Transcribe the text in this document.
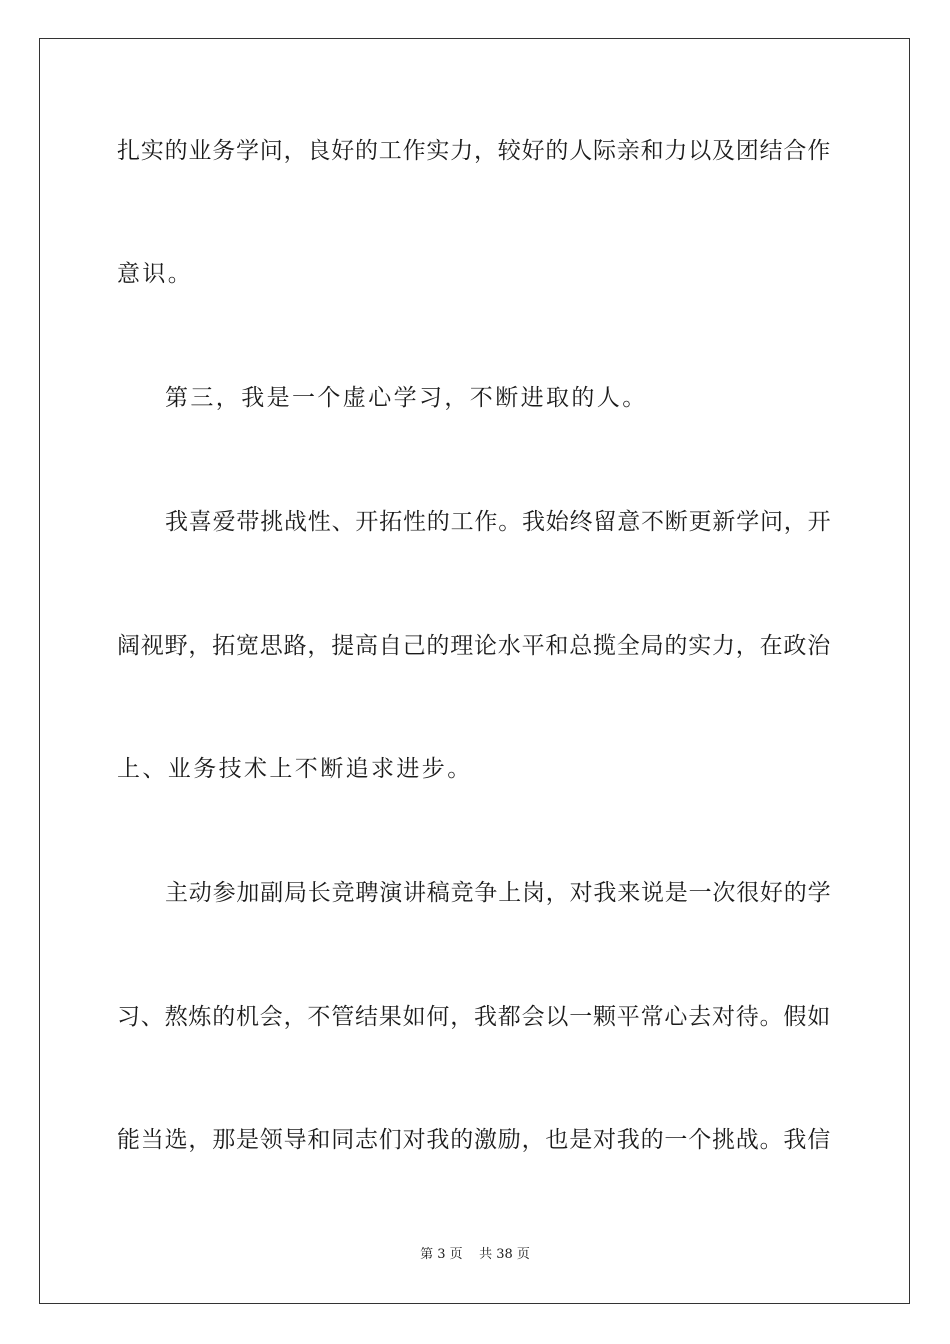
扎实的业务学问，良好的工作实力，较好的人际亲和力以及团结合作
意识。
第三，我是一个虚心学习，不断进取的人。
我喜爱带挑战性、开拓性的工作。我始终留意不断更新学问，开
阔视野，拓宽思路，提高自己的理论水平和总揽全局的实力，在政治
上、业务技术上不断追求进步。
主动参加副局长竞聘演讲稿竞争上岗，对我来说是一次很好的学
习、熬炼的机会，不管结果如何，我都会以一颗平常心去对待。假如
能当选，那是领导和同志们对我的激励，也是对我的一个挑战。我信
第 3 页    共 38 页
